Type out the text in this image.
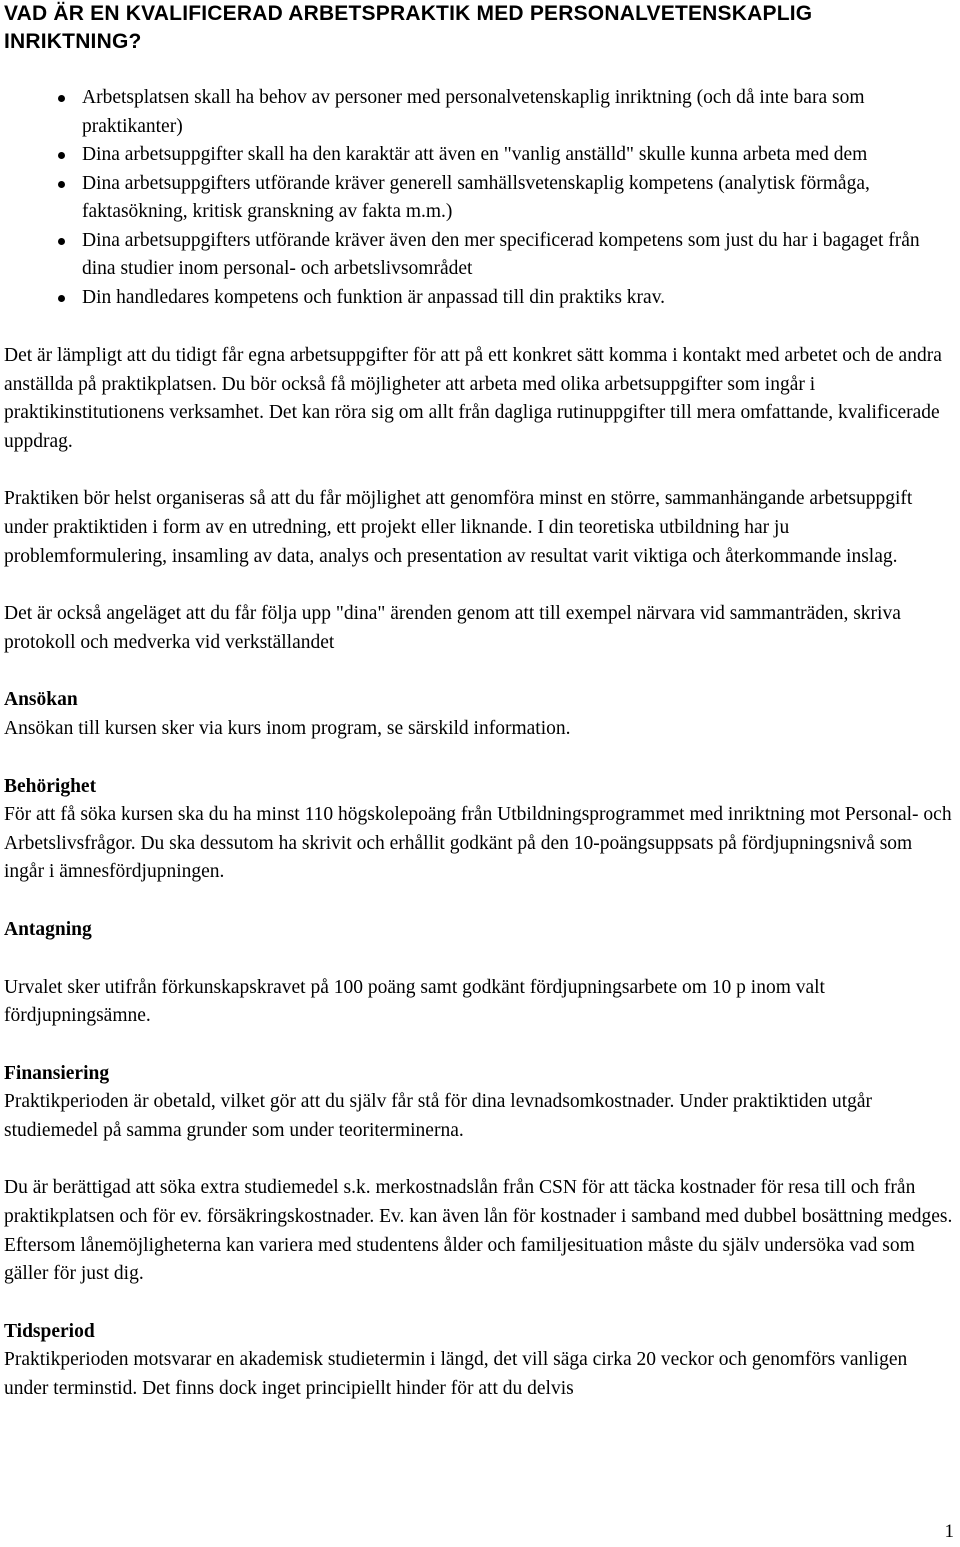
VAD ÄR EN KVALIFICERAD ARBETSPRAKTIK MED PERSONALVETENSKAPLIG INRIKTNING?
Arbetsplatsen skall ha behov av personer med personalvetenskaplig inriktning (och då inte bara som praktikanter)
Dina arbetsuppgifter skall ha den karaktär att även en "vanlig anställd" skulle kunna arbeta med dem
Dina arbetsuppgifters utförande kräver generell samhällsvetenskaplig kompetens (analytisk förmåga, faktasökning, kritisk granskning av fakta m.m.)
Dina arbetsuppgifters utförande kräver även den mer specificerad kompetens som just du har i bagaget från dina studier inom personal- och arbetslivsområdet
Din handledares kompetens och funktion är anpassad till din praktiks krav.

Det är lämpligt att du tidigt får egna arbetsuppgifter för att på ett konkret sätt komma i kontakt med arbetet och de andra anställda på praktikplatsen. Du bör också få möjligheter att arbeta med olika arbetsuppgifter som ingår i praktikinstitutionens verksamhet. Det kan röra sig om allt från dagliga rutinuppgifter till mera omfattande, kvalificerade uppdrag.

Praktiken bör helst organiseras så att du får möjlighet att genomföra minst en större, sammanhängande arbetsuppgift under praktiktiden i form av en utredning, ett projekt eller liknande. I din teoretiska utbildning har ju problemformulering, insamling av data, analys och presentation av resultat varit viktiga och återkommande inslag.

Det är också angeläget att du får följa upp "dina" ärenden genom att till exempel närvara vid sammanträden, skriva protokoll och medverka vid verkställandet

Ansökan

Ansökan till kursen sker via kurs inom program, se särskild information.

Behörighet

För att få söka kursen ska du ha minst 110 högskolepoäng från Utbildningsprogrammet med inriktning mot Personal- och Arbetslivsfrågor. Du ska dessutom ha skrivit och erhållit godkänt på den 10-poängsuppsats på fördjupningsnivå som ingår i ämnesfördjupningen.

Antagning

Urvalet sker utifrån förkunskapskravet på 100 poäng samt godkänt fördjupningsarbete om 10 p inom valt fördjupningsämne.

Finansiering

Praktikperioden är obetald, vilket gör att du själv får stå för dina levnadsomkostnader. Under praktiktiden utgår studiemedel på samma grunder som under teoriterminerna.

Du är berättigad att söka extra studiemedel s.k. merkostnadslån från CSN för att täcka kostnader för resa till och från praktikplatsen och för ev. försäkringskostnader. Ev. kan även lån för kostnader i samband med dubbel bosättning medges. Eftersom lånemöjligheterna kan variera med studentens ålder och familjesituation måste du själv undersöka vad som gäller för just dig.

Tidsperiod

Praktikperioden motsvarar en akademisk studietermin i längd, det vill säga cirka 20 veckor och genomförs vanligen under terminstid. Det finns dock inget principiellt hinder för att du delvis

1
